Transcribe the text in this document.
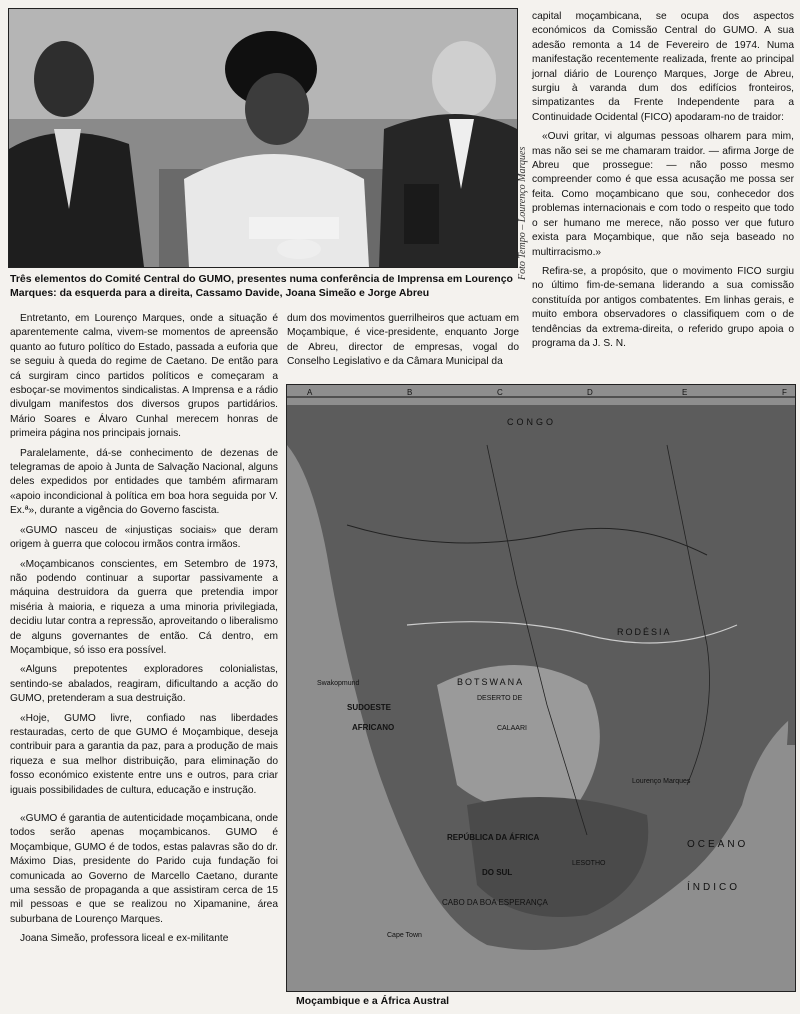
Foto Tempo – Lourenço Marques
Três elementos do Comité Central do GUMO, presentes numa conferência de Imprensa em Lourenço Marques: da esquerda para a direita, Cassamo Davide, Joana Simeão e Jorge Abreu

Entretanto, em Lourenço Marques, onde a situação é aparentemente calma, vivem-se momentos de apreensão quanto ao futuro político do Estado, passada a euforia que se seguiu à queda do regime de Caetano. De então para cá surgiram cinco partidos políticos e começaram a esboçar-se movimentos sindicalistas. A Imprensa e a rádio divulgam manifestos dos diversos grupos partidários. Mário Soares e Álvaro Cunhal merecem honras de primeira página nos principais jornais.

Paralelamente, dá-se conhecimento de dezenas de telegramas de apoio à Junta de Salvação Nacional, alguns deles expedidos por entidades que também afirmaram «apoio incondicional à política em boa hora seguida por V. Ex.ª», durante a vigência do Governo fascista.

«GUMO nasceu de «injustiças sociais» que deram origem à guerra que colocou irmãos contra irmãos.

«Moçambicanos conscientes, em Setembro de 1973, não podendo continuar a suportar passivamente a máquina destruidora da guerra que pretendia impor miséria à maioria, e riqueza a uma minoria privilegiada, decidiu lutar contra a repressão, aproveitando o liberalismo de alguns governantes de então. Cá dentro, em Moçambique, só isso era possível.

«Alguns prepotentes exploradores colonialistas, sentindo-se abalados, reagiram, dificultando a acção do GUMO, pretenderam a sua destruição.

«Hoje, GUMO livre, confiado nas liberdades restauradas, certo de que GUMO é Moçambique, deseja contribuir para a garantia da paz, para a produção de mais riqueza e sua melhor distribuição, para eliminação do fosso económico existente entre uns e outros, para criar iguais possibilidades de cultura, educação e instrução.

«GUMO é garantia de autenticidade moçambicana, onde todos serão apenas moçambicanos. GUMO é Moçambique, GUMO é de todos, estas palavras são do dr. Máximo Dias, presidente do Parido cuja fundação foi comunicada ao Governo de Marcello Caetano, durante uma sessão de propaganda a que assistiram cerca de 15 mil pessoas e que se realizou no Xipamanine, área suburbana de Lourenço Marques.

Joana Simeão, professora liceal e ex-militante

dum dos movimentos guerrilheiros que actuam em Moçambique, é vice-presidente, enquanto Jorge de Abreu, director de empresas, vogal do Conselho Legislativo e da Câmara Municipal da

capital moçambicana, se ocupa dos aspectos económicos da Comissão Central do GUMO. A sua adesão remonta a 14 de Fevereiro de 1974. Numa manifestação recentemente realizada, frente ao principal jornal diário de Lourenço Marques, Jorge de Abreu, surgiu à varanda dum dos edifícios fronteiros, simpatizantes da Frente Independente para a Continuidade Ocidental (FICO) apodaram-no de traidor:

«Ouvi gritar, vi algumas pessoas olharem para mim, mas não sei se me chamaram traidor. — afirma Jorge de Abreu que prossegue: — não posso mesmo compreender como é que essa acusação me possa ser feita. Como moçambicano que sou, conhecedor dos problemas internacionais e com todo o respeito que todo o ser humano me merece, não posso ver que futuro exista para Moçambique, que não seja baseado no multirracismo.»

Refira-se, a propósito, que o movimento FICO surgiu no último fim-de-semana liderando a sua comissão constituída por antigos combatentes. Em linhas gerais, e muito embora observadores o classifiquem com o de tendências da extrema-direita, o referido grupo apoia o programa da J. S. N.

A	B	C	D	E	F
CONGO
RODÉSIA
BOTSWANA
DESERTO DE
CALAARI
SUDOESTE
AFRICANO
REPÚBLICA DA ÁFRICA
DO SUL
CABO DA BOA ESPERANÇA
Cape Town
OCEANO
ÍNDICO
Lourenço Marques
LESOTHO
Swakopmund
Moçambique e a África Austral
